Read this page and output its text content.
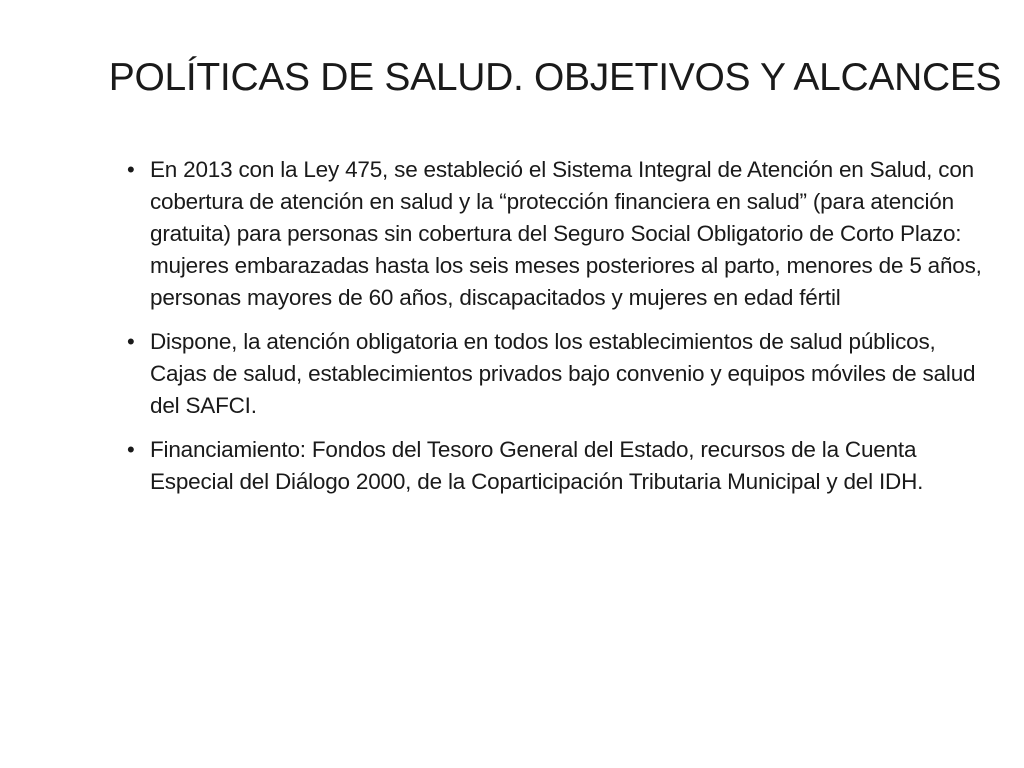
POLÍTICAS DE SALUD. OBJETIVOS Y ALCANCES
• En 2013 con la Ley 475, se estableció el Sistema Integral de Atención en Salud, con cobertura de atención en salud y la “protección financiera en salud” (para atención gratuita) para personas sin cobertura del Seguro Social Obligatorio de Corto Plazo: mujeres embarazadas hasta los seis meses posteriores al parto, menores de 5 años, personas mayores de 60 años, discapacitados y mujeres en edad fértil
• Dispone, la atención obligatoria en todos los establecimientos de salud públicos, Cajas de salud, establecimientos privados bajo convenio y equipos móviles de salud del SAFCI.
• Financiamiento: Fondos del Tesoro General del Estado, recursos de la Cuenta Especial del Diálogo 2000, de la Coparticipación Tributaria Municipal y del IDH.
